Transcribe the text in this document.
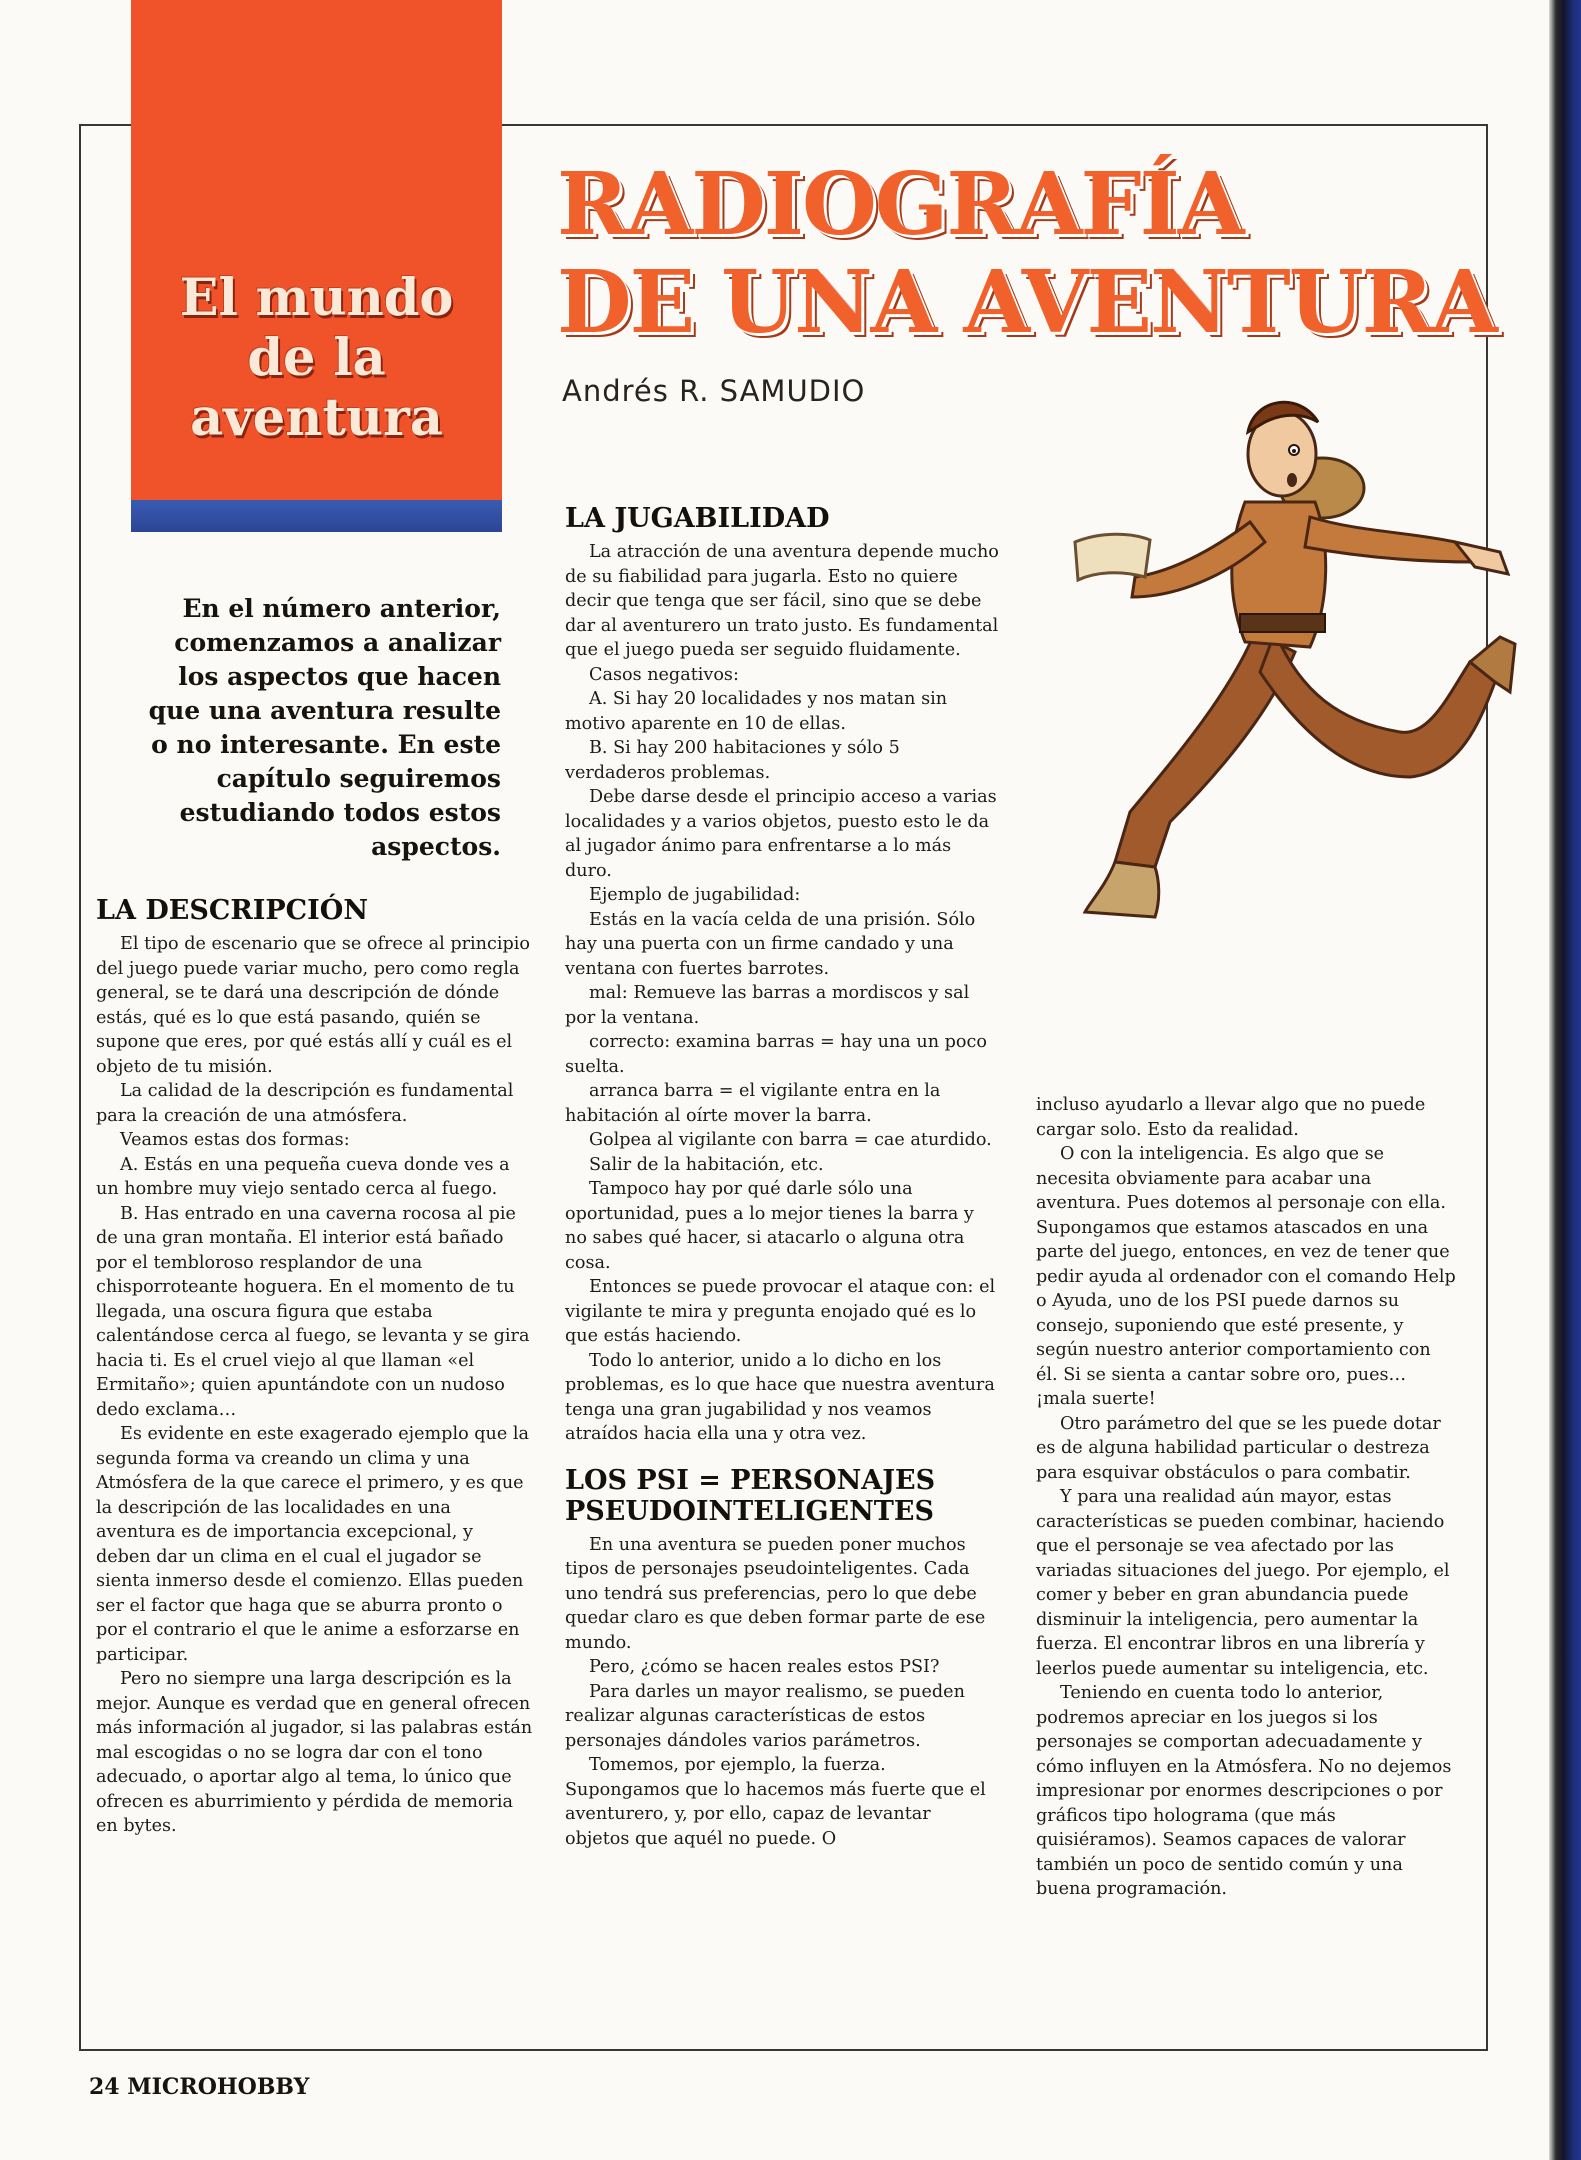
El mundo
de la
aventura
RADIOGRAFÍA
DE UNA AVENTURA

Andrés R. SAMUDIO

En el número anterior, comenzamos a analizar los aspectos que hacen que una aventura resulte o no interesante. En este capítulo seguiremos estudiando todos estos aspectos.

LA DESCRIPCIÓN

El tipo de escenario que se ofrece al principio del juego puede variar mucho, pero como regla general, se te dará una descripción de dónde estás, qué es lo que está pasando, quién se supone que eres, por qué estás allí y cuál es el objeto de tu misión.

La calidad de la descripción es fundamental para la creación de una atmósfera.

Veamos estas dos formas:

A. Estás en una pequeña cueva donde ves a un hombre muy viejo sentado cerca al fuego.

B. Has entrado en una caverna rocosa al pie de una gran montaña. El interior está bañado por el tembloroso resplandor de una chisporroteante hoguera. En el momento de tu llegada, una oscura figura que estaba calentándose cerca al fuego, se levanta y se gira hacia ti. Es el cruel viejo al que llaman «el Ermitaño»; quien apuntándote con un nudoso dedo exclama…

Es evidente en este exagerado ejemplo que la segunda forma va creando un clima y una Atmósfera de la que carece el primero, y es que la descripción de las localidades en una aventura es de importancia excepcional, y deben dar un clima en el cual el jugador se sienta inmerso desde el comienzo. Ellas pueden ser el factor que haga que se aburra pronto o por el contrario el que le anime a esforzarse en participar.

Pero no siempre una larga descripción es la mejor. Aunque es verdad que en general ofrecen más información al jugador, si las palabras están mal escogidas o no se logra dar con el tono adecuado, o aportar algo al tema, lo único que ofrecen es aburrimiento y pérdida de memoria en bytes.

LA JUGABILIDAD

La atracción de una aventura depende mucho de su fiabilidad para jugarla. Esto no quiere decir que tenga que ser fácil, sino que se debe dar al aventurero un trato justo. Es fundamental que el juego pueda ser seguido fluidamente.

Casos negativos:

A. Si hay 20 localidades y nos matan sin motivo aparente en 10 de ellas.

B. Si hay 200 habitaciones y sólo 5 verdaderos problemas.

Debe darse desde el principio acceso a varias localidades y a varios objetos, puesto esto le da al jugador ánimo para enfrentarse a lo más duro.

Ejemplo de jugabilidad:

Estás en la vacía celda de una prisión. Sólo hay una puerta con un firme candado y una ventana con fuertes barrotes.

mal: Remueve las barras a mordiscos y sal por la ventana.

correcto: examina barras = hay una un poco suelta.

arranca barra = el vigilante entra en la habitación al oírte mover la barra.

Golpea al vigilante con barra = cae aturdido.

Salir de la habitación, etc.

Tampoco hay por qué darle sólo una oportunidad, pues a lo mejor tienes la barra y no sabes qué hacer, si atacarlo o alguna otra cosa.

Entonces se puede provocar el ataque con: el vigilante te mira y pregunta enojado qué es lo que estás haciendo.

Todo lo anterior, unido a lo dicho en los problemas, es lo que hace que nuestra aventura tenga una gran jugabilidad y nos veamos atraídos hacia ella una y otra vez.

LOS PSI = PERSONAJES PSEUDOINTELIGENTES

En una aventura se pueden poner muchos tipos de personajes pseudointeligentes. Cada uno tendrá sus preferencias, pero lo que debe quedar claro es que deben formar parte de ese mundo.

Pero, ¿cómo se hacen reales estos PSI?

Para darles un mayor realismo, se pueden realizar algunas características de estos personajes dándoles varios parámetros.

Tomemos, por ejemplo, la fuerza. Supongamos que lo hacemos más fuerte que el aventurero, y, por ello, capaz de levantar objetos que aquél no puede. O

incluso ayudarlo a llevar algo que no puede cargar solo. Esto da realidad.

O con la inteligencia. Es algo que se necesita obviamente para acabar una aventura. Pues dotemos al personaje con ella. Supongamos que estamos atascados en una parte del juego, entonces, en vez de tener que pedir ayuda al ordenador con el comando Help o Ayuda, uno de los PSI puede darnos su consejo, suponiendo que esté presente, y según nuestro anterior comportamiento con él. Si se sienta a cantar sobre oro, pues… ¡mala suerte!

Otro parámetro del que se les puede dotar es de alguna habilidad particular o destreza para esquivar obstáculos o para combatir.

Y para una realidad aún mayor, estas características se pueden combinar, haciendo que el personaje se vea afectado por las variadas situaciones del juego. Por ejemplo, el comer y beber en gran abundancia puede disminuir la inteligencia, pero aumentar la fuerza. El encontrar libros en una librería y leerlos puede aumentar su inteligencia, etc.

Teniendo en cuenta todo lo anterior, podremos apreciar en los juegos si los personajes se comportan adecuadamente y cómo influyen en la Atmósfera. No no dejemos impresionar por enormes descripciones o por gráficos tipo holograma (que más quisiéramos). Seamos capaces de valorar también un poco de sentido común y una buena programación.

24 MICROHOBBY
